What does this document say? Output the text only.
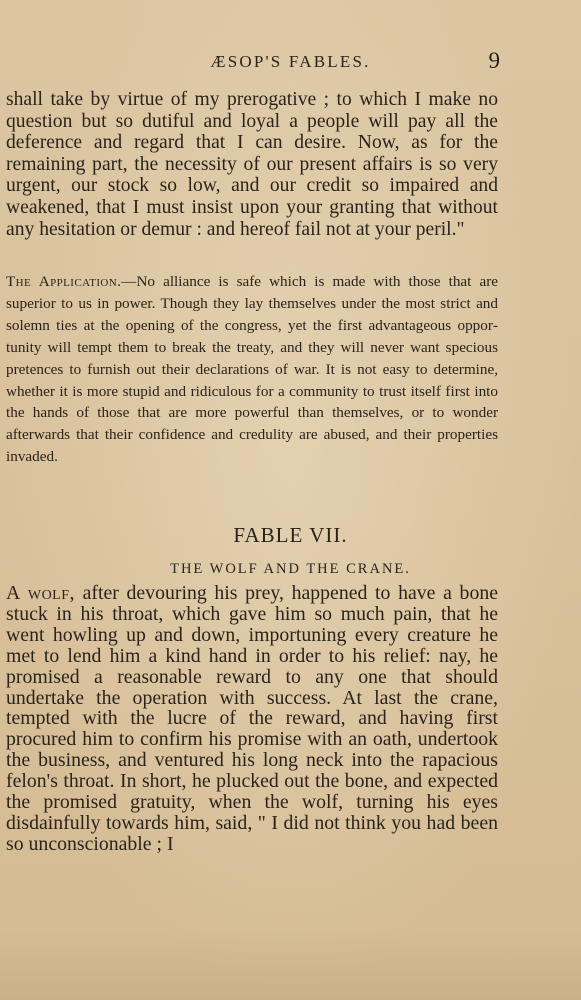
ÆSOP'S FABLES.	9

shall take by virtue of my prerogative ; to which I make no question but so dutiful and loyal a people will pay all the deference and regard that I can desire. Now, as for the remaining part, the necessity of our present affairs is so very urgent, our stock so low, and our credit so impaired and weakened, that I must insist upon your granting that without any hesitation or demur : and hereof fail not at your peril."

The Application.—No alliance is safe which is made with those that are superior to us in power. Though they lay themselves under the most strict and solemn ties at the opening of the congress, yet the first advantageous opportunity will tempt them to break the treaty, and they will never want specious pretences to furnish out their declarations of war. It is not easy to determine, whether it is more stupid and ridiculous for a community to trust itself first into the hands of those that are more powerful than themselves, or to wonder afterwards that their confidence and credulity are abused, and their properties invaded.

FABLE VII.
THE WOLF AND THE CRANE.

A wolf, after devouring his prey, happened to have a bone stuck in his throat, which gave him so much pain, that he went howling up and down, importuning every creature he met to lend him a kind hand in order to his relief: nay, he promised a reasonable reward to any one that should undertake the operation with success. At last the crane, tempted with the lucre of the reward, and having first procured him to confirm his promise with an oath, undertook the business, and ventured his long neck into the rapacious felon's throat. In short, he plucked out the bone, and expected the promised gratuity, when the wolf, turning his eyes disdainfully towards him, said, " I did not think you had been so unconscionable ; I
